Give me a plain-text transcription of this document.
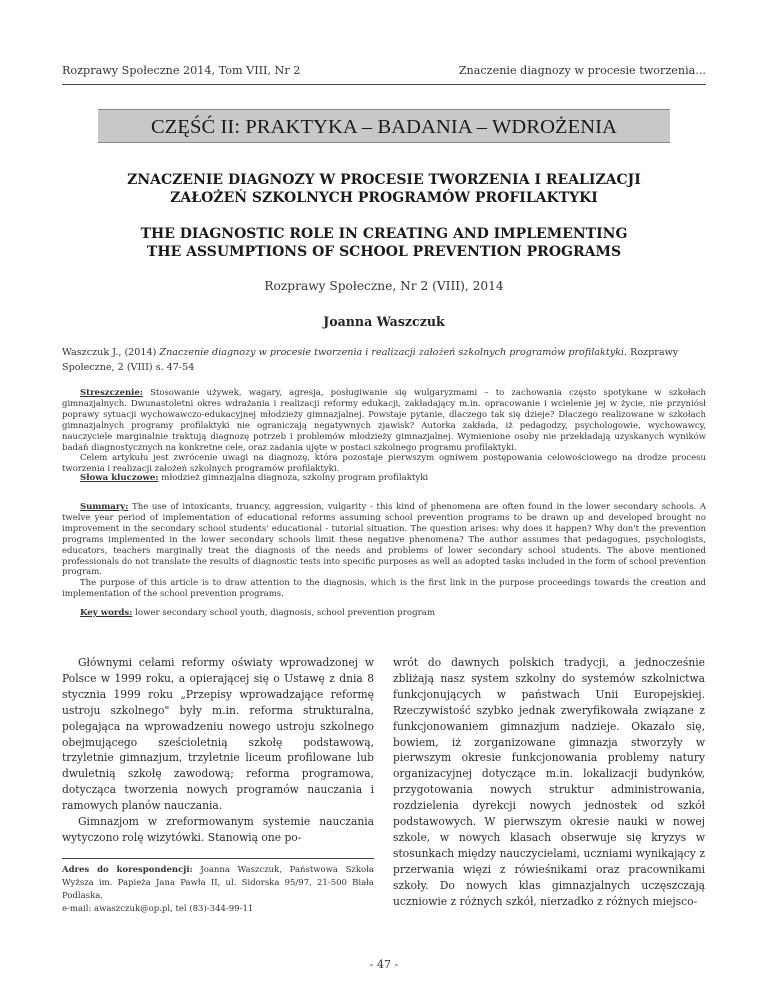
Rozprawy Społeczne 2014, Tom VIII, Nr 2	Znaczenie diagnozy w procesie tworzenia...
CZĘŚĆ II: PRAKTYKA – BADANIA – WDROŻENIA
ZNACZENIE DIAGNOZY W PROCESIE TWORZENIA I REALIZACJI
ZAŁOŻEŃ SZKOLNYCH PROGRAMÓW PROFILAKTYKI
THE DIAGNOSTIC ROLE IN CREATING AND IMPLEMENTING
THE ASSUMPTIONS OF SCHOOL PREVENTION PROGRAMS
Rozprawy Społeczne, Nr 2 (VIII), 2014
Joanna Waszczuk
Waszczuk J., (2014) Znaczenie diagnozy w procesie tworzenia i realizacji założeń szkolnych programów profilaktyki. Rozprawy Społeczne, 2 (VIII) s. 47-54

Streszczenie: Stosowanie używek, wagary, agresja, posługiwanie się wulgaryzmami – to zachowania często spotykane w szkołach gimnazjalnych. Dwunastoletni okres wdrażania i realizacji reformy edukacji, zakładający m.in. opracowanie i wcielenie jej w życie, nie przyniósł poprawy sytuacji wychowawczo-edukacyjnej młodzieży gimnazjalnej. Powstaje pytanie, dlaczego tak się dzieje? Dlaczego realizowane w szkołach gimnazjalnych programy profilaktyki nie ograniczają negatywnych zjawisk? Autorka zakłada, iż pedagodzy, psychologowie, wychowawcy, nauczyciele marginalnie traktują diagnozę potrzeb i problemów młodzieży gimnazjalnej. Wymienione osoby nie przekładają uzyskanych wyników badań diagnostycznych na konkretne cele, oraz zadania ujęte w postaci szkolnego programu profilaktyki.

Celem artykułu jest zwrócenie uwagi na diagnozę, która pozostaje pierwszym ogniwem postępowania celowościowego na drodze procesu tworzenia i realizacji założeń szkolnych programów profilaktyki.

Słowa kluczowe: młodzież gimnazjalna diagnoza, szkolny program profilaktyki

Summary: The use of intoxicants, truancy, aggression, vulgarity - this kind of phenomena are often found in the lower secondary schools. A twelve year period of implementation of educational reforms assuming school prevention programs to be drawn up and developed brought no improvement in the secondary school students' educational - tutorial situation. The question arises: why does it happen? Why don't the prevention programs implemented in the lower secondary schools limit these negative phenomena? The author assumes that pedagogues, psychologists, educators, teachers marginally treat the diagnosis of the needs and problems of lower secondary school students. The above mentioned professionals do not translate the results of diagnostic tests into specific purposes as well as adopted tasks included in the form of school prevention program.

The purpose of this article is to draw attention to the diagnosis, which is the first link in the purpose proceedings towards the creation and implementation of the school prevention programs.

Key words: lower secondary school youth, diagnosis, school prevention program

Głównymi celami reformy oświaty wprowadzonej w Polsce w 1999 roku, a opierającej się o Ustawę z dnia 8 stycznia 1999 roku „Przepisy wprowadzające reformę ustroju szkolnego" były m.in. reforma strukturalna, polegająca na wprowadzeniu nowego ustroju szkolnego obejmującego sześcioletnią szkołę podstawową, trzyletnie gimnazjum, trzyletnie liceum profilowane lub dwuletnią szkołę zawodową; reforma programowa, dotycząca tworzenia nowych programów nauczania i ramowych planów nauczania.

Gimnazjom w zreformowanym systemie nauczania wytyczono rolę wizytówki. Stanowią one po-

wrót do dawnych polskich tradycji, a jednocześnie zbliżają nasz system szkolny do systemów szkolnictwa funkcjonujących w państwach Unii Europejskiej. Rzeczywistość szybko jednak zweryfikowała związane z funkcjonowaniem gimnazjum nadzieje. Okazało się, bowiem, iż zorganizowane gimnazja stworzyły w pierwszym okresie funkcjonowania problemy natury organizacyjnej dotyczące m.in. lokalizacji budynków, przygotowania nowych struktur administrowania, rozdzielenia dyrekcji nowych jednostek od szkół podstawowych. W pierwszym okresie nauki w nowej szkole, w nowych klasach obserwuje się kryzys w stosunkach między nauczycielami, uczniami wynikający z przerwania więzi z rówieśnikami oraz pracownikami szkoły. Do nowych klas gimnazjalnych uczęszczają uczniowie z różnych szkół, nierzadko z różnych miejsco-

Adres do korespondencji: Joanna Waszczuk, Państwowa Szkoła Wyższa im. Papieża Jana Pawła II, ul. Sidorska 95/97, 21-500 Biała Podlaska,
e-mail: awaszczuk@op.pl, tel (83)-344-99-11
- 47 -
